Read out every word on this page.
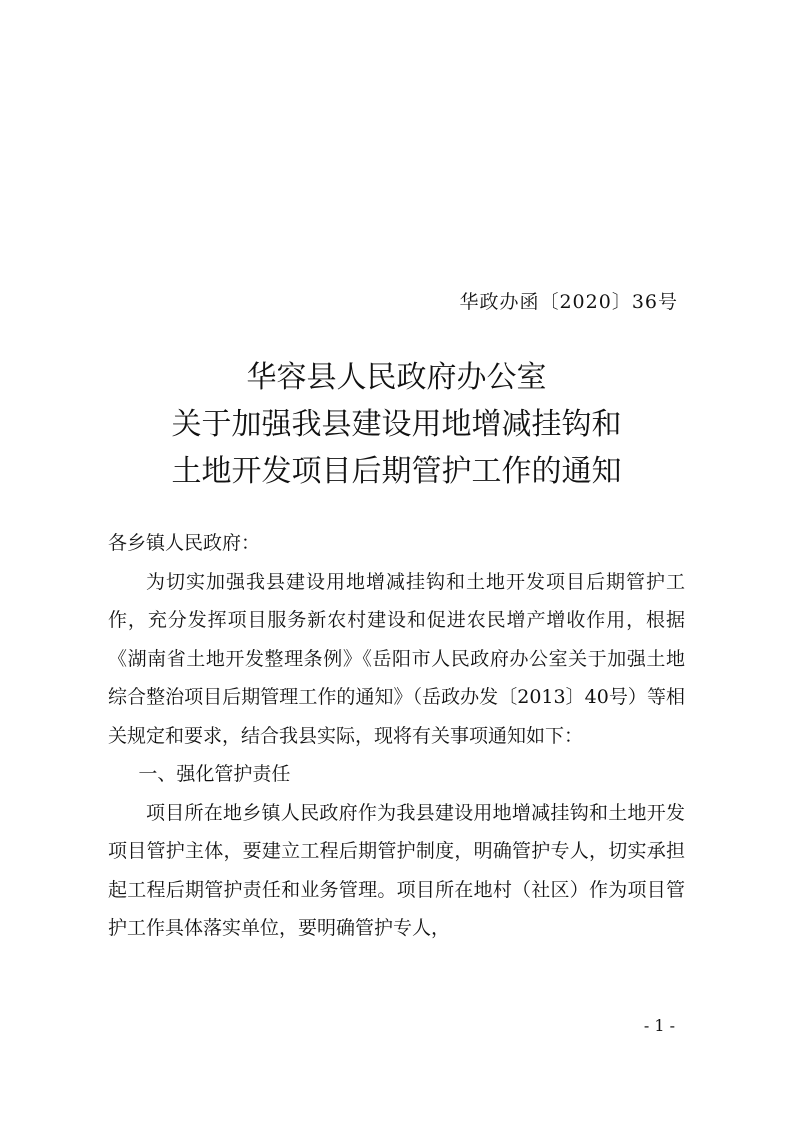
华政办函〔2020〕36号
华容县人民政府办公室
关于加强我县建设用地增减挂钩和
土地开发项目后期管护工作的通知

各乡镇人民政府：

为切实加强我县建设用地增减挂钩和土地开发项目后期管护工作，充分发挥项目服务新农村建设和促进农民增产增收作用，根据《湖南省土地开发整理条例》《岳阳市人民政府办公室关于加强土地综合整治项目后期管理工作的通知》（岳政办发〔2013〕40号）等相关规定和要求，结合我县实际，现将有关事项通知如下：

一、强化管护责任

项目所在地乡镇人民政府作为我县建设用地增减挂钩和土地开发项目管护主体，要建立工程后期管护制度，明确管护专人，切实承担起工程后期管护责任和业务管理。项目所在地村（社区）作为项目管护工作具体落实单位，要明确管护专人，

- 1 -
